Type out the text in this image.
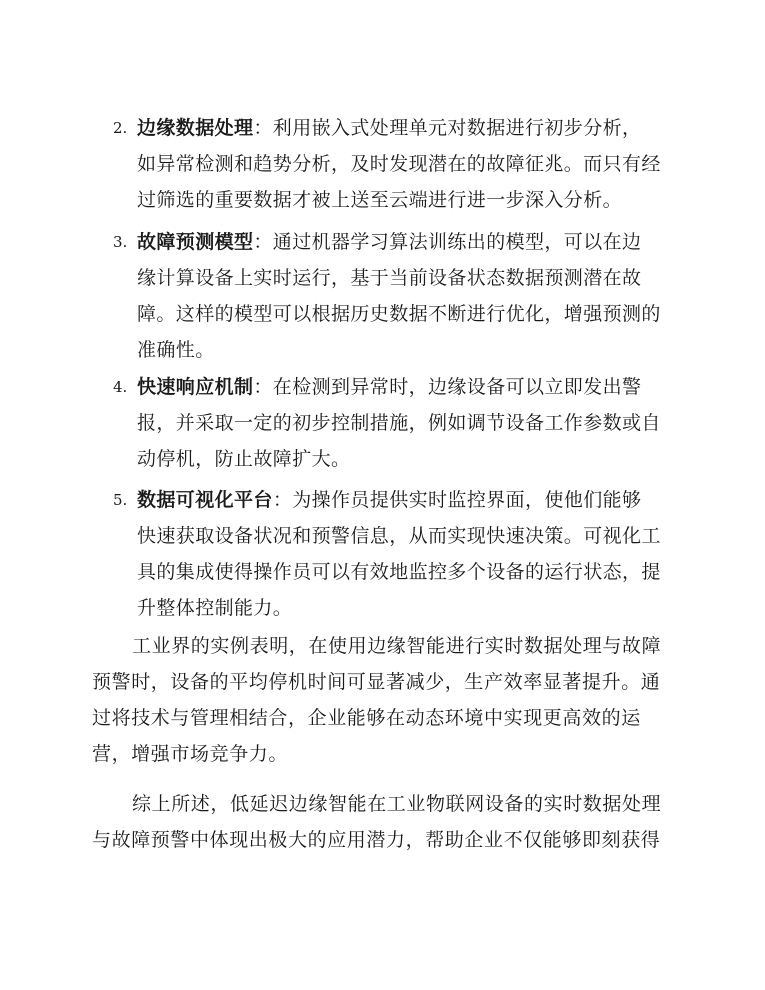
2. 边缘数据处理：利用嵌入式处理单元对数据进行初步分析，
如异常检测和趋势分析，及时发现潜在的故障征兆。而只有经
过筛选的重要数据才被上送至云端进行进一步深入分析。
3. 故障预测模型：通过机器学习算法训练出的模型，可以在边
缘计算设备上实时运行，基于当前设备状态数据预测潜在故
障。这样的模型可以根据历史数据不断进行优化，增强预测的
准确性。
4. 快速响应机制：在检测到异常时，边缘设备可以立即发出警
报，并采取一定的初步控制措施，例如调节设备工作参数或自
动停机，防止故障扩大。
5. 数据可视化平台：为操作员提供实时监控界面，使他们能够
快速获取设备状况和预警信息，从而实现快速决策。可视化工
具的集成使得操作员可以有效地监控多个设备的运行状态，提
升整体控制能力。
工业界的实例表明，在使用边缘智能进行实时数据处理与故障
预警时，设备的平均停机时间可显著减少，生产效率显著提升。通
过将技术与管理相结合，企业能够在动态环境中实现更高效的运
营，增强市场竞争力。
综上所述，低延迟边缘智能在工业物联网设备的实时数据处理
与故障预警中体现出极大的应用潜力，帮助企业不仅能够即刻获得
